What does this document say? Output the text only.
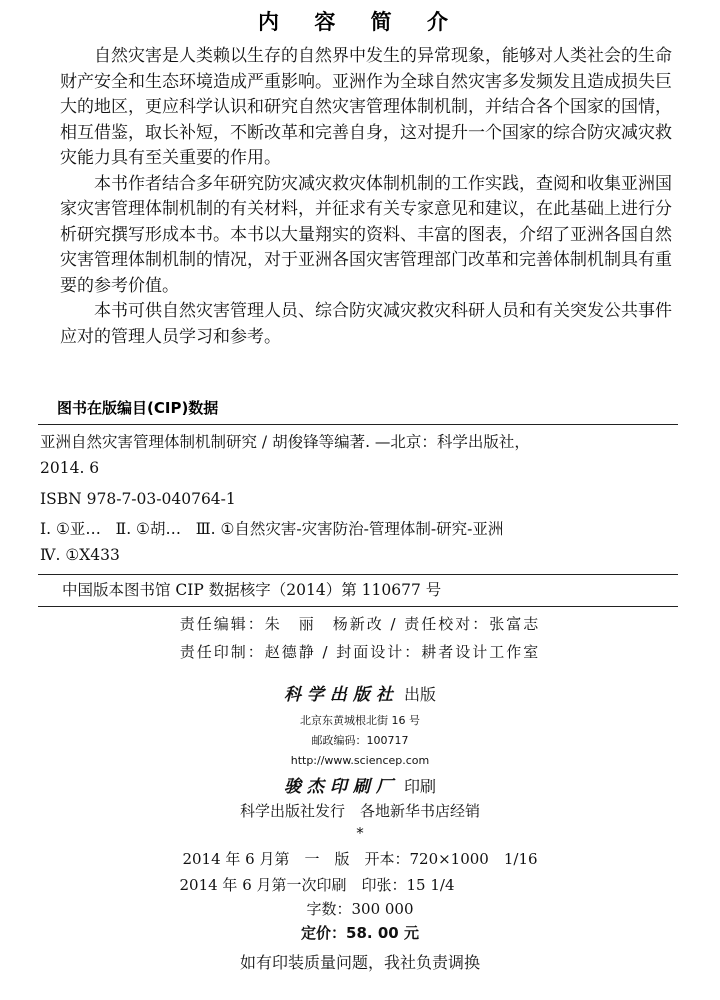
内 容 简 介

自然灾害是人类赖以生存的自然界中发生的异常现象，能够对人类社会的生命财产安全和生态环境造成严重影响。亚洲作为全球自然灾害多发频发且造成损失巨大的地区，更应科学认识和研究自然灾害管理体制机制，并结合各个国家的国情，相互借鉴，取长补短，不断改革和完善自身，这对提升一个国家的综合防灾减灾救灾能力具有至关重要的作用。

本书作者结合多年研究防灾减灾救灾体制机制的工作实践，查阅和收集亚洲国家灾害管理体制机制的有关材料，并征求有关专家意见和建议，在此基础上进行分析研究撰写形成本书。本书以大量翔实的资料、丰富的图表，介绍了亚洲各国自然灾害管理体制机制的情况，对于亚洲各国灾害管理部门改革和完善体制机制具有重要的参考价值。

本书可供自然灾害管理人员、综合防灾减灾救灾科研人员和有关突发公共事件应对的管理人员学习和参考。

图书在版编目(CIP)数据
亚洲自然灾害管理体制机制研究 / 胡俊锋等编著. —北京：科学出版社，
2014. 6
ISBN 978-7-03-040764-1
Ⅰ. ①亚…   Ⅱ. ①胡…   Ⅲ. ①自然灾害-灾害防治-管理体制-研究-亚洲
Ⅳ. ①X433
中国版本图书馆 CIP 数据核字（2014）第 110677 号
责任编辑：朱　丽　杨新改 / 责任校对：张富志
责任印制：赵德静 / 封面设计：耕者设计工作室
科学出版社 出版
北京东黄城根北街 16 号
邮政编码：100717
http://www.sciencep.com
骏杰印刷厂 印刷
科学出版社发行　各地新华书店经销
*
2014 年 6 月第　一　版　开本：720×1000　1/16
2014 年 6 月第一次印刷　印张：15 1/4
字数：300 000
定价：58. 00 元
如有印装质量问题，我社负责调换
